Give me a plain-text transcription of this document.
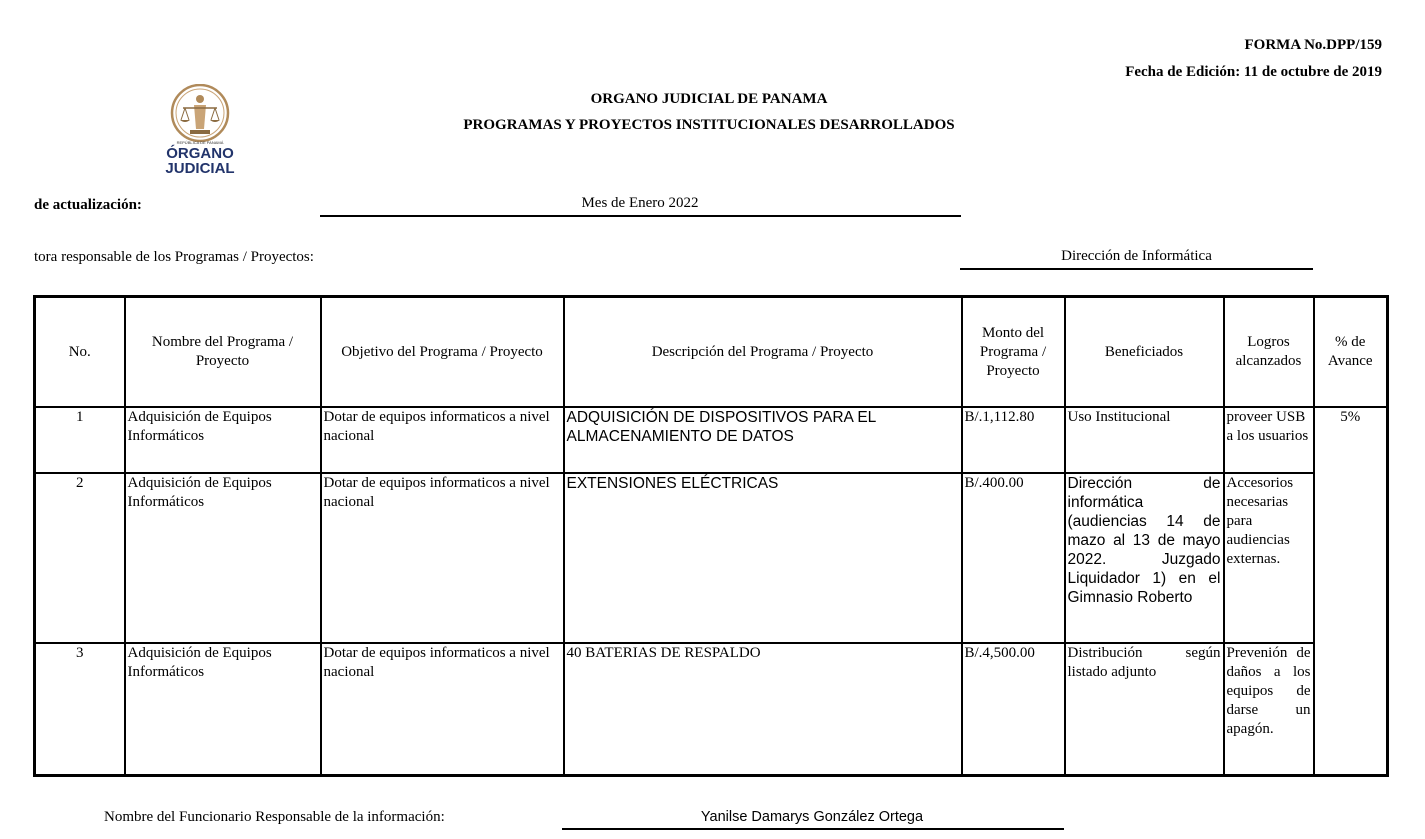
FORMA No.DPP/159
Fecha de Edición: 11 de octubre de 2019
ORGANO JUDICIAL DE PANAMA
PROGRAMAS Y PROYECTOS INSTITUCIONALES DESARROLLADOS
REPÚBLICA DE PANAMÁ
ÓRGANO
JUDICIAL
de actualización:	Mes de Enero 2022
tora responsable de los Programas / Proyectos:	Dirección de Informática
No.	Nombre del Programa / Proyecto	Objetivo del Programa / Proyecto	Descripción del Programa / Proyecto	Monto del Programa / Proyecto	Beneficiados	Logros alcanzados	% de Avance
1	Adquisición de Equipos Informáticos	Dotar de equipos informaticos a nivel nacional	ADQUISICIÓN DE DISPOSITIVOS PARA EL ALMACENAMIENTO DE DATOS	B/.1,112.80	Uso Institucional	proveer USB a los usuarios	5%
2	Adquisición de Equipos Informáticos	Dotar de equipos informaticos a nivel nacional	EXTENSIONES ELÉCTRICAS	B/.400.00	Dirección de informática (audiencias 14 de mazo al 13 de mayo 2022. Juzgado Liquidador 1) en el Gimnasio Roberto	Accesorios necesarias para audiencias externas.	
3	Adquisición de Equipos Informáticos	Dotar de equipos informaticos a nivel nacional	40 BATERIAS DE RESPALDO	B/.4,500.00	Distribución según listado adjunto	Prevenión de daños a los equipos de darse un apagón.	
Nombre del Funcionario Responsable de la información:	Yanilse Damarys González Ortega
